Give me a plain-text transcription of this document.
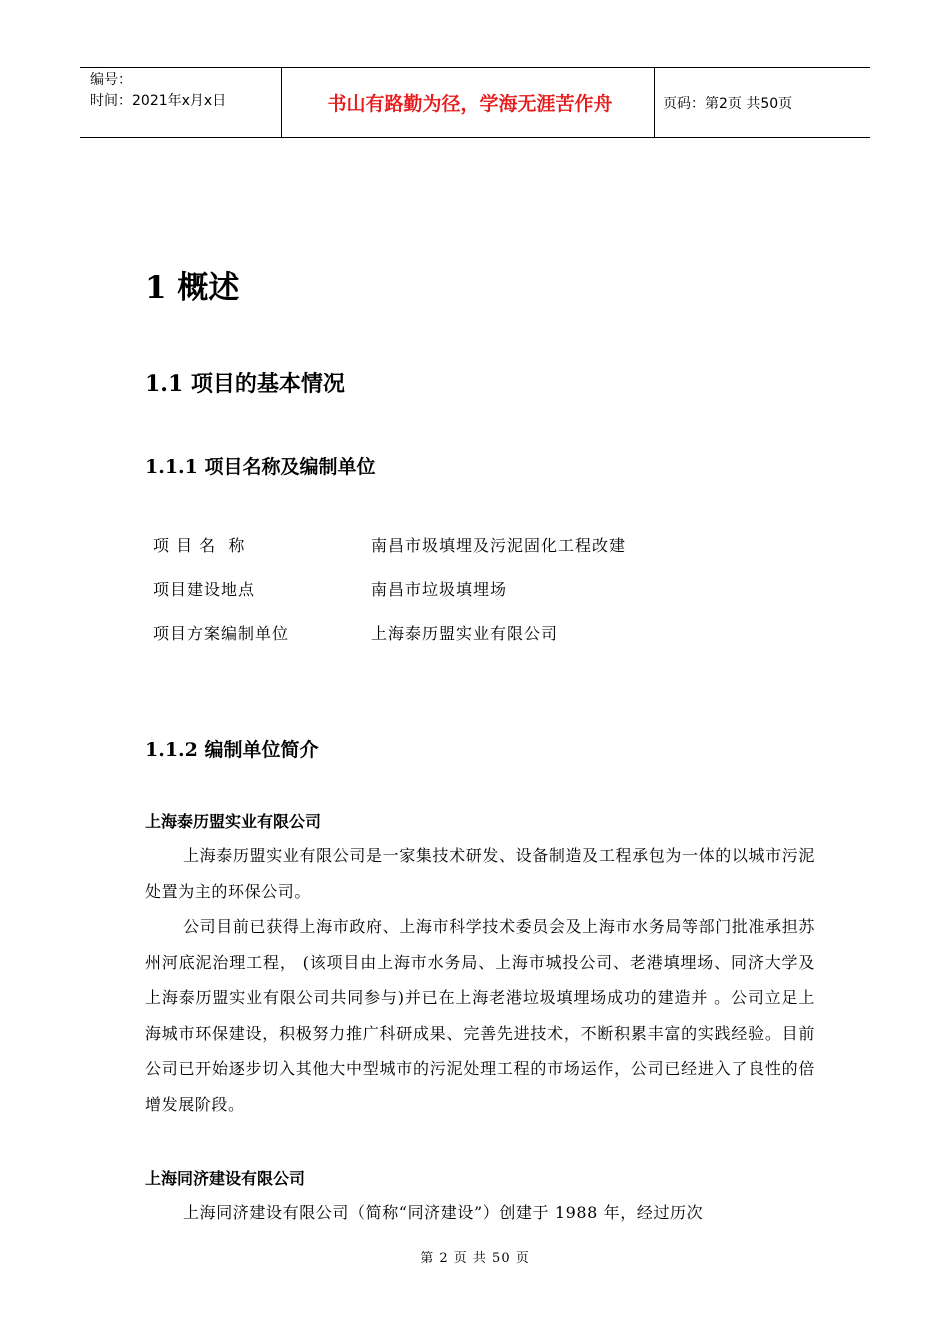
编号：
时间：2021年x月x日	书山有路勤为径，学海无涯苦作舟	页码：第2页 共50页
1 概述
1.1 项目的基本情况
1.1.1 项目名称及编制单位
项 目 名  称	南昌市圾填埋及污泥固化工程改建
项目建设地点	南昌市垃圾填埋场
项目方案编制单位	上海泰历盟实业有限公司
1.1.2 编制单位简介
上海泰历盟实业有限公司
上海泰历盟实业有限公司是一家集技术研发、设备制造及工程承包为一体的以城市污泥处置为主的环保公司。
公司目前已获得上海市政府、上海市科学技术委员会及上海市水务局等部门批准承担苏州河底泥治理工程， (该项目由上海市水务局、上海市城投公司、老港填埋场、同济大学及上海泰历盟实业有限公司共同参与)并已在上海老港垃圾填埋场成功的建造并 。公司立足上海城市环保建设，积极努力推广科研成果、完善先进技术，不断积累丰富的实践经验。目前公司已开始逐步切入其他大中型城市的污泥处理工程的市场运作，公司已经进入了良性的倍增发展阶段。
上海同济建设有限公司
上海同济建设有限公司（简称“同济建设”）创建于 1988 年，经过历次
第 2 页 共 50 页
